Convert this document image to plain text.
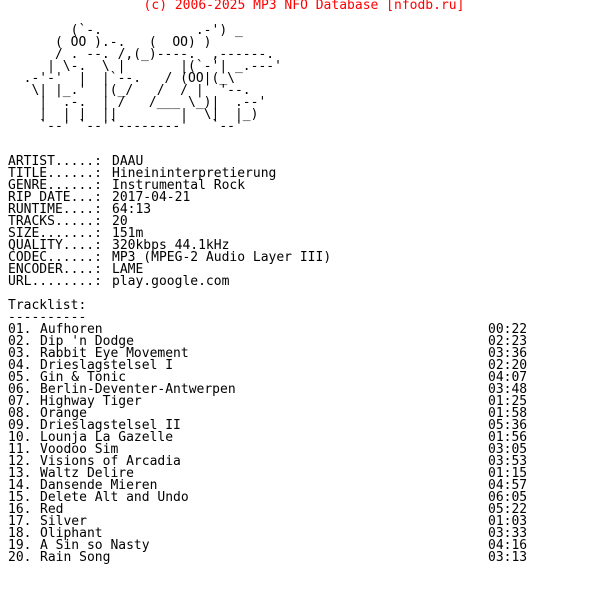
(c) 2006-2025 MP3 NFO Database [nfodb.ru]
(`-.            .-') _
( OO ).-.   (  OO) )
/ . --. /,(_)----.  ,------.
| \-.  \ |       |(`-'| _.---'
.-'-'  |  |`--.   / (OO|(_\
\| |_.'  |(_/   /  / |  '--.
|  .-.  | /   /___ \_)|  .--'
|  | |  ||        |  \|  |_)
`--' `--'`--------'   `--'
ARTIST.....: DAAU
TITLE......: Hineininterpretierung
GENRE......: Instrumental Rock
RIP DATE...: 2017-04-21
RUNTIME....: 64:13
TRACKS.....: 20
SIZE.......: 151m
QUALITY....: 320kbps 44.1kHz
CODEC......: MP3 (MPEG-2 Audio Layer III)
ENCODER....: LAME
URL........: play.google.com
Tracklist:
----------
01. Aufhoren	00:22
02. Dip 'n Dodge	02:23
03. Rabbit Eye Movement	03:36
04. Drieslagstelsel I	02:20
05. Gin & Tonic	04:07
06. Berlin-Deventer-Antwerpen	03:48
07. Highway Tiger	01:25
08. Orange	01:58
09. Drieslagstelsel II	05:36
10. Lounja La Gazelle	01:56
11. Voodoo Sim	03:05
12. Visions of Arcadia	03:53
13. Waltz Delire	01:15
14. Dansende Mieren	04:57
15. Delete Alt and Undo	06:05
16. Red	05:22
17. Silver	01:03
18. Oliphant	03:33
19. A Sin so Nasty	04:16
20. Rain Song	03:13
